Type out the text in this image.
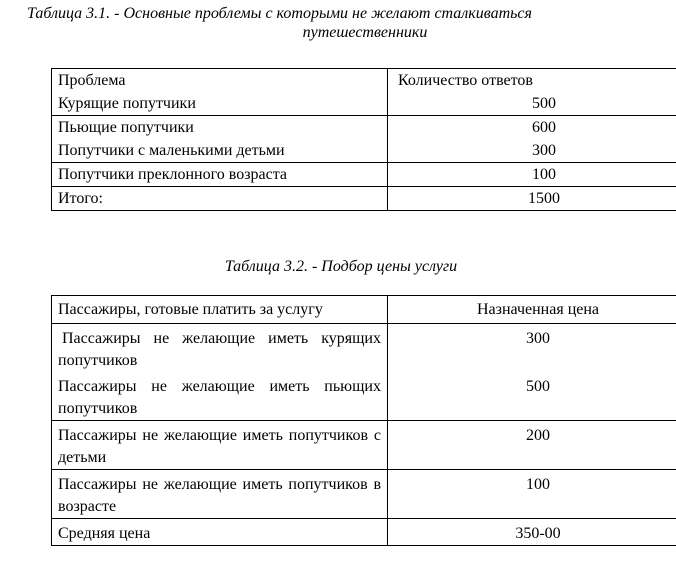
Таблица 3.1. - Основные проблемы с которыми не желают сталкиваться
путешественники

Проблема	Количество ответов
Курящие попутчики	500
Пьющие попутчики	600
Попутчики с маленькими детьми	300
Попутчики преклонного возраста	100
Итого:	1500

Таблица 3.2. - Подбор цены услуги

Пассажиры, готовые платить за услугу	Назначенная цена
Пассажиры не желающие иметь курящих попутчиков	300
Пассажиры не желающие иметь пьющих попутчиков	500
Пассажиры не желающие иметь попутчиков с детьми	200
Пассажиры не желающие иметь попутчиков в возрасте	100
Средняя цена	350-00
